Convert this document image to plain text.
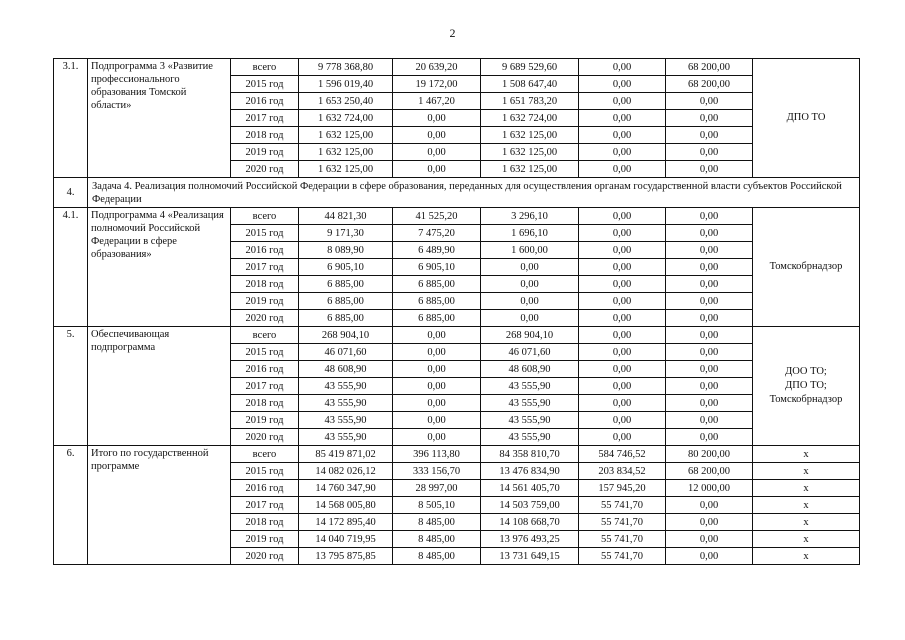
2
3.1.	Подпрограмма 3 «Развитие профессионального образования Томской области»	всего	9 778 368,80	20 639,20	9 689 529,60	0,00	68 200,00	ДПО ТО
		2015 год	1 596 019,40	19 172,00	1 508 647,40	0,00	68 200,00	
		2016 год	1 653 250,40	1 467,20	1 651 783,20	0,00	0,00	
		2017 год	1 632 724,00	0,00	1 632 724,00	0,00	0,00	
		2018 год	1 632 125,00	0,00	1 632 125,00	0,00	0,00	
		2019 год	1 632 125,00	0,00	1 632 125,00	0,00	0,00	
		2020 год	1 632 125,00	0,00	1 632 125,00	0,00	0,00	
4.	Задача 4. Реализация полномочий Российской Федерации в сфере образования, переданных для осуществления органам государственной власти субъектов Российской Федерации							
4.1.	Подпрограмма 4 «Реализация полномочий Российской Федерации в сфере образования»	всего	44 821,30	41 525,20	3 296,10	0,00	0,00	Томскобрнадзор
		2015 год	9 171,30	7 475,20	1 696,10	0,00	0,00	
		2016 год	8 089,90	6 489,90	1 600,00	0,00	0,00	
		2017 год	6 905,10	6 905,10	0,00	0,00	0,00	
		2018 год	6 885,00	6 885,00	0,00	0,00	0,00	
		2019 год	6 885,00	6 885,00	0,00	0,00	0,00	
		2020 год	6 885,00	6 885,00	0,00	0,00	0,00	
5.	Обеспечивающая подпрограмма	всего	268 904,10	0,00	268 904,10	0,00	0,00	ДОО ТО;
ДПО ТО;
Томскобрнадзор
		2015 год	46 071,60	0,00	46 071,60	0,00	0,00	
		2016 год	48 608,90	0,00	48 608,90	0,00	0,00	
		2017 год	43 555,90	0,00	43 555,90	0,00	0,00	
		2018 год	43 555,90	0,00	43 555,90	0,00	0,00	
		2019 год	43 555,90	0,00	43 555,90	0,00	0,00	
		2020 год	43 555,90	0,00	43 555,90	0,00	0,00	
6.	Итого по государственной программе	всего	85 419 871,02	396 113,80	84 358 810,70	584 746,52	80 200,00	x
		2015 год	14 082 026,12	333 156,70	13 476 834,90	203 834,52	68 200,00	x
		2016 год	14 760 347,90	28 997,00	14 561 405,70	157 945,20	12 000,00	x
		2017 год	14 568 005,80	8 505,10	14 503 759,00	55 741,70	0,00	x
		2018 год	14 172 895,40	8 485,00	14 108 668,70	55 741,70	0,00	x
		2019 год	14 040 719,95	8 485,00	13 976 493,25	55 741,70	0,00	x
		2020 год	13 795 875,85	8 485,00	13 731 649,15	55 741,70	0,00	x
